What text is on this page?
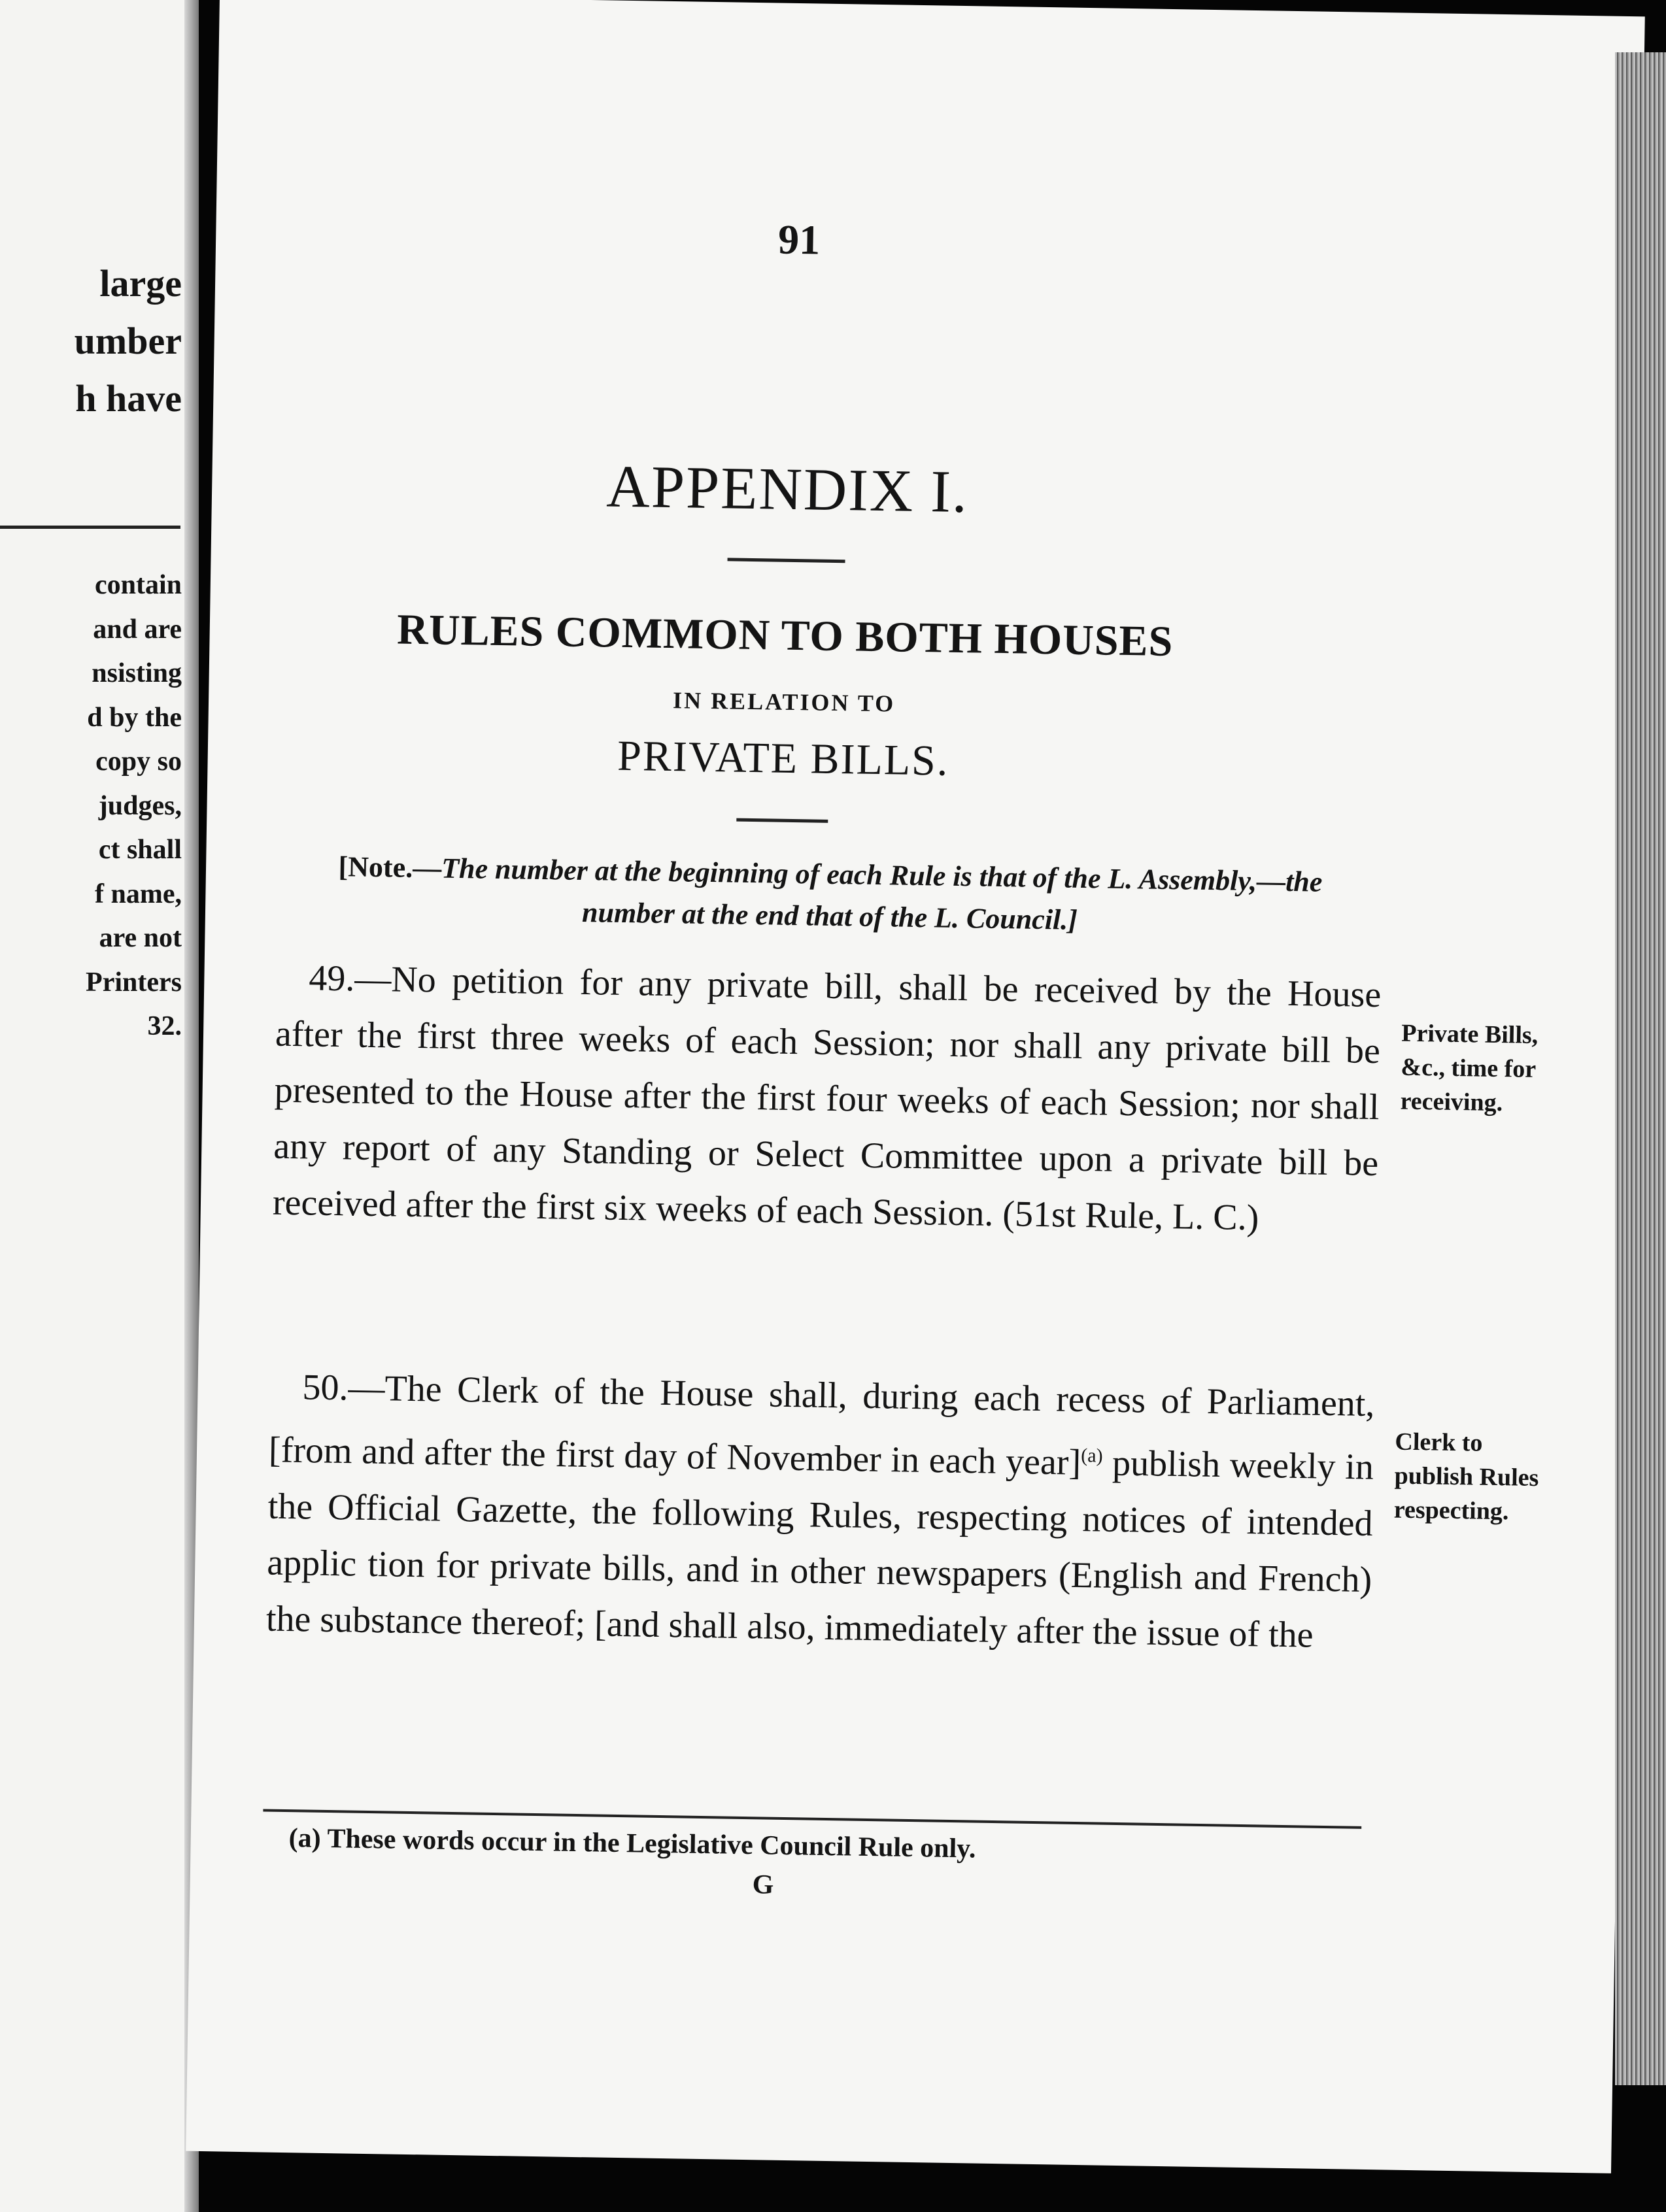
large
umber
h have
contain
and are
nsisting
d by the
copy so
judges,
ct shall
f name,
are not
Printers
32.
91
APPENDIX I.
RULES COMMON TO BOTH HOUSES
IN RELATION TO
PRIVATE BILLS.
[Note.—The number at the beginning of each Rule is that of the L. Assembly,—the number at the end that of the L. Council.]
49.—No petition for any private bill, shall be received by the House after the first three weeks of each Session; nor shall any private bill be presented to the House after the first four weeks of each Session; nor shall any report of any Standing or Select Committee upon a private bill be received after the first six weeks of each Session. (51st Rule, L. C.)
Private Bills, &c., time for receiving.
50.—The Clerk of the House shall, during each recess of Parliament, [from and after the first day of November in each year]$^{(a)}$ publish weekly in the Official Gazette, the following Rules, respecting notices of intended applic tion for private bills, and in other newspapers (English and French) the substance thereof; [and shall also, immediately after the issue of the
Clerk to publish Rules respecting.
(a) These words occur in the Legislative Council Rule only.
G
